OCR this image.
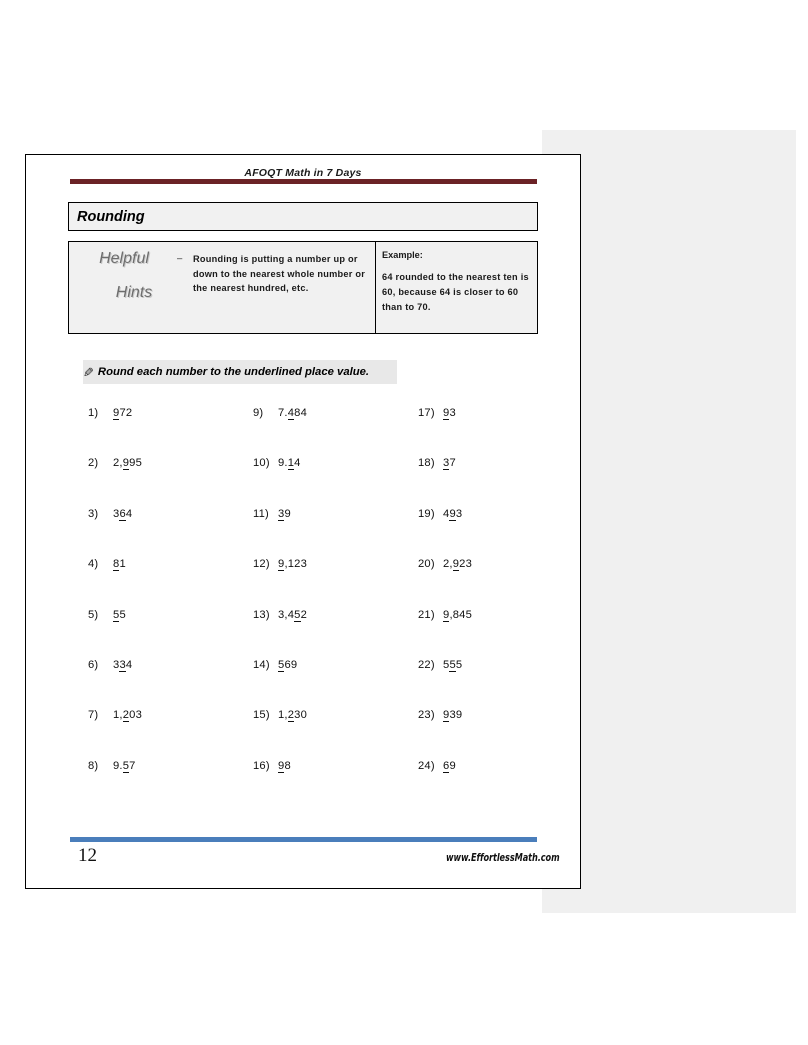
AFOQT Math in 7 Days
Rounding
Helpful
Hints
–	Rounding is putting a number up or down to the nearest whole number or the nearest hundred, etc.
Example:
64 rounded to the nearest ten is 60, because 64 is closer to 60 than to 70.
✎ Round each number to the underlined place value.
1) 972
2) 2,995
3) 364
4) 81
5) 55
6) 334
7) 1,203
8) 9.57
9) 7.484
10) 9.14
11) 39
12) 9,123
13) 3,452
14) 569
15) 1,230
16) 98
17) 93
18) 37
19) 493
20) 2,923
21) 9,845
22) 555
23) 939
24) 69
12	www.EffortlessMath.com
